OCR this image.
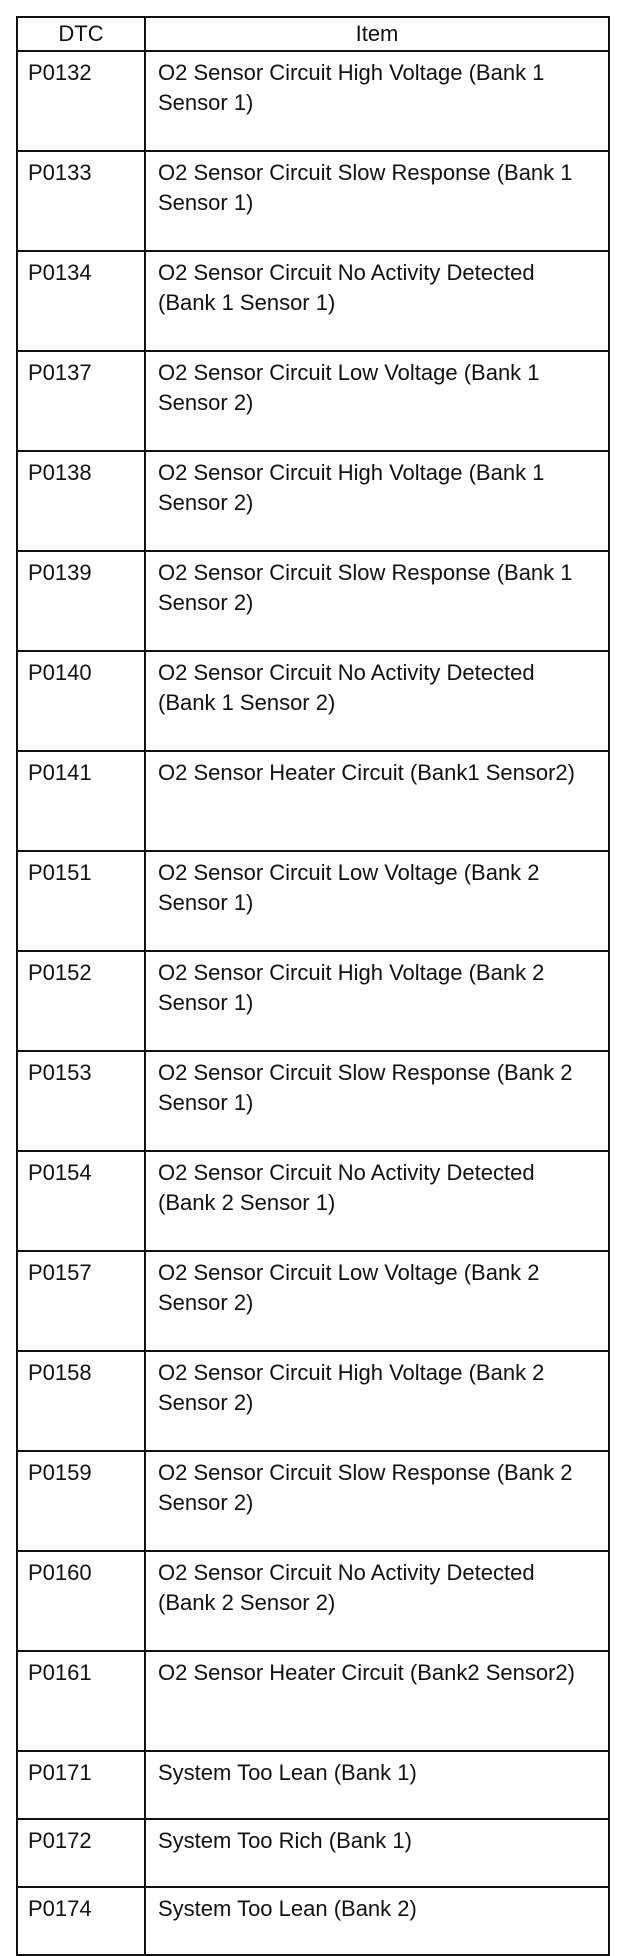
DTC	Item
P0132	O2 Sensor Circuit High Voltage (Bank 1 Sensor 1)
P0133	O2 Sensor Circuit Slow Response (Bank 1 Sensor 1)
P0134	O2 Sensor Circuit No Activity Detected (Bank 1 Sensor 1)
P0137	O2 Sensor Circuit Low Voltage (Bank 1 Sensor 2)
P0138	O2 Sensor Circuit High Voltage (Bank 1 Sensor 2)
P0139	O2 Sensor Circuit Slow Response (Bank 1 Sensor 2)
P0140	O2 Sensor Circuit No Activity Detected (Bank 1 Sensor 2)
P0141	O2 Sensor Heater Circuit (Bank1 Sensor2)
P0151	O2 Sensor Circuit Low Voltage (Bank 2 Sensor 1)
P0152	O2 Sensor Circuit High Voltage (Bank 2 Sensor 1)
P0153	O2 Sensor Circuit Slow Response (Bank 2 Sensor 1)
P0154	O2 Sensor Circuit No Activity Detected (Bank 2 Sensor 1)
P0157	O2 Sensor Circuit Low Voltage (Bank 2 Sensor 2)
P0158	O2 Sensor Circuit High Voltage (Bank 2 Sensor 2)
P0159	O2 Sensor Circuit Slow Response (Bank 2 Sensor 2)
P0160	O2 Sensor Circuit No Activity Detected (Bank 2 Sensor 2)
P0161	O2 Sensor Heater Circuit (Bank2 Sensor2)
P0171	System Too Lean (Bank 1)
P0172	System Too Rich (Bank 1)
P0174	System Too Lean (Bank 2)
